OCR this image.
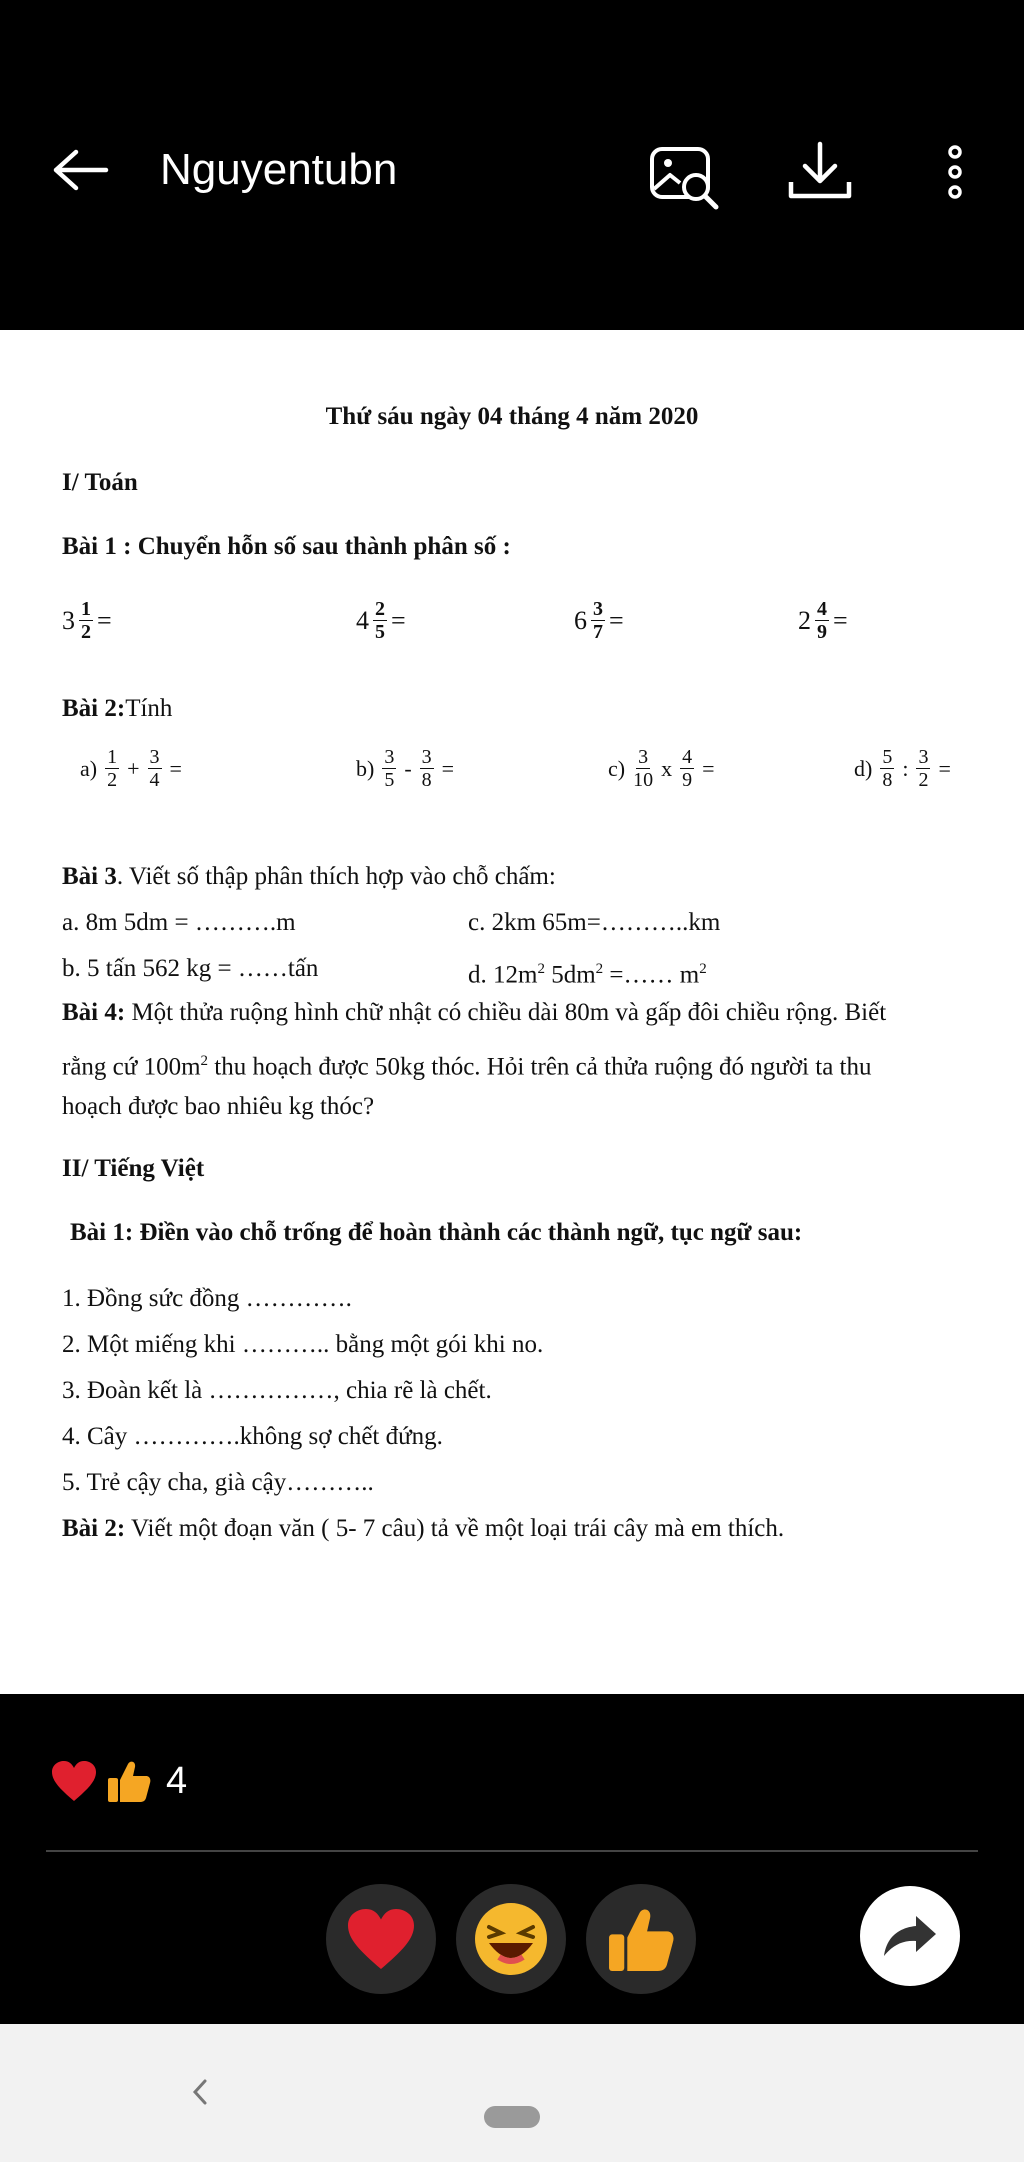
Nguyentubn
Thứ sáu ngày 04 tháng 4 năm 2020
I/ Toán
Bài 1 : Chuyển hỗn số sau thành phân số :
$3 \frac{1}{2}$ =	$4 \frac{2}{5}$ =	$6 \frac{3}{7}$ =	$2 \frac{4}{9}$ =
Bài 2:Tính
$a) \frac{1}{2} + \frac{3}{4}$ =	$b) \frac{3}{5} - \frac{3}{8}$ =	$c) \frac{3}{10}$ x $\frac{4}{9}$ =	$d) \frac{5}{8}$ : $\frac{3}{2}$ =
Bài 3. Viết số thập phân thích hợp vào chỗ chấm:
a. 8m 5dm = ……….m	c. 2km 65m=………..km
b. 5 tấn 562 kg = ……tấn	d. $12m^2$ $5dm^2$ =…… $m^2$
Bài 4: Một thửa ruộng hình chữ nhật có chiều dài 80m và gấp đôi chiều rộng. Biết
rằng cứ $100m^2$ thu hoạch được 50kg thóc. Hỏi trên cả thửa ruộng đó người ta thu
hoạch được bao nhiêu kg thóc?
II/ Tiếng Việt
Bài 1: Điền vào chỗ trống để hoàn thành các thành ngữ, tục ngữ sau:
1. Đồng sức đồng ………….
2. Một miếng khi ……….. bằng một gói khi no.
3. Đoàn kết là ……………, chia rẽ là chết.
4. Cây ………….không sợ chết đứng.
5. Trẻ cậy cha, già cậy………..
Bài 2: Viết một đoạn văn ( 5- 7 câu) tả về một loại trái cây mà em thích.
4
